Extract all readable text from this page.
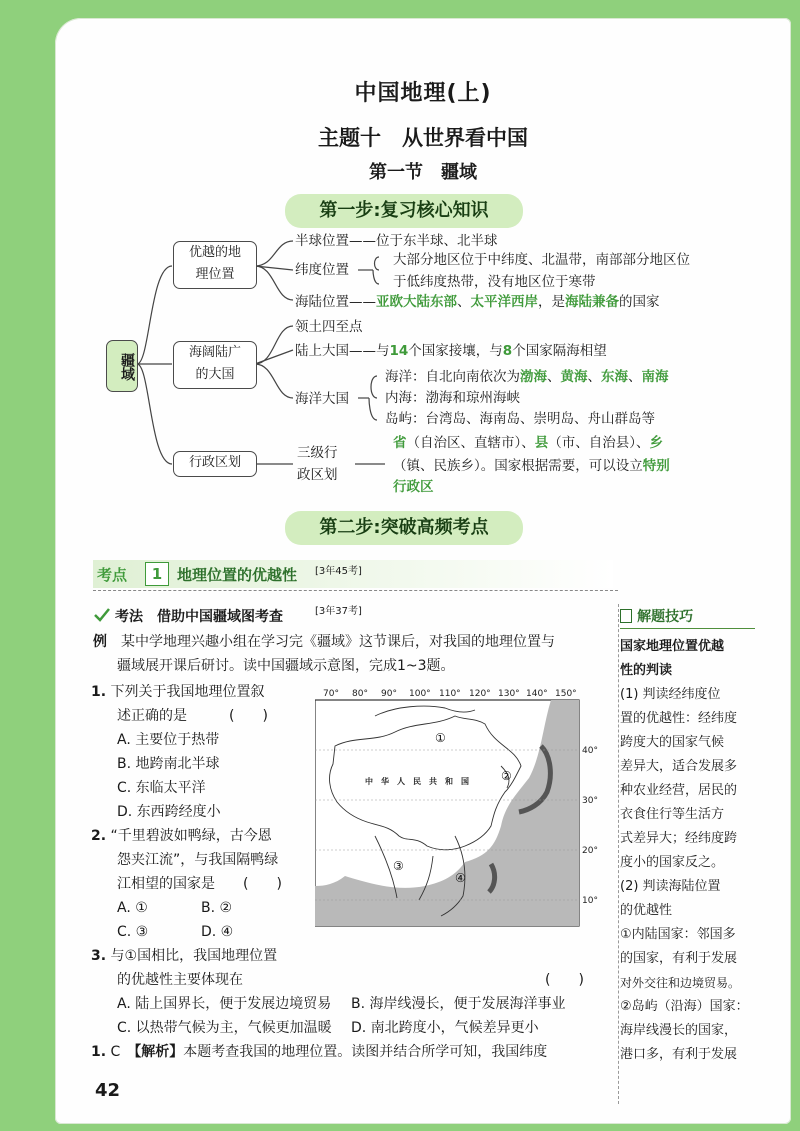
中国地理(上)
主题十　从世界看中国
第一节　疆域
第一步:复习核心知识
疆域
优越的地
理位置
半球位置——位于东半球、北半球
纬度位置
大部分地区位于中纬度、北温带，南部部分地区位
于低纬度热带，没有地区位于寒带
海陆位置——亚欧大陆东部、太平洋西岸，是海陆兼备的国家
海阔陆广
的大国
领土四至点
陆上大国——与14个国家接壤，与8个国家隔海相望
海洋大国
海洋：自北向南依次为渤海、黄海、东海、南海
内海：渤海和琼州海峡
岛屿：台湾岛、海南岛、崇明岛、舟山群岛等
行政区划
三级行
政区划
省（自治区、直辖市）、县（市、自治县）、乡
（镇、民族乡）。国家根据需要，可以设立特别
行政区
第二步:突破高频考点
考点	1 地理位置的优越性 [3年45考]
考法　借助中国疆域图考查	[3年37考]
例　 某中学地理兴趣小组在学习完《疆域》这节课后，对我国的地理位置与
疆域展开课后研讨。读中国疆域示意图，完成1~3题。
1. 下列关于我国地理位置叙
述正确的是　　　	(　　)
A. 主要位于热带
B. 地跨南北半球
C. 东临太平洋
D. 东西跨经度小
2. “千里碧波如鸭绿，古今恩
怨夹江流”，与我国隔鸭绿
江相望的国家是　　 (　　)
A. ①	B. ②
C. ③	D. ④
3. 与①国相比，我国地理位置
的优越性主要体现在	(　　)
A. 陆上国界长，便于发展边境贸易 B. 海岸线漫长，便于发展海洋事业
C. 以热带气候为主，气候更加温暖 D. 南北跨度小，气候差异更小
1. C　 【解析】本题考查我国的地理位置。读图并结合所学可知，我国纬度
70° 80° 90° 100° 110° 120° 130° 140° 150°
40°
30°
20°
10°
中　华　人　民　共　和　国
①
②
③
④
解题技巧
国家地理位置优越
性的判读
(1) 判读经纬度位
置的优越性：经纬度
跨度大的国家气候
差异大，适合发展多
种农业经营，居民的
衣食住行等生活方
式差异大；经纬度跨
度小的国家反之。
(2) 判读海陆位置
的优越性
①内陆国家：邻国多
的国家，有利于发展
对外交往和边境贸易。
②岛屿（沿海）国家：
海岸线漫长的国家，
港口多，有利于发展
42
